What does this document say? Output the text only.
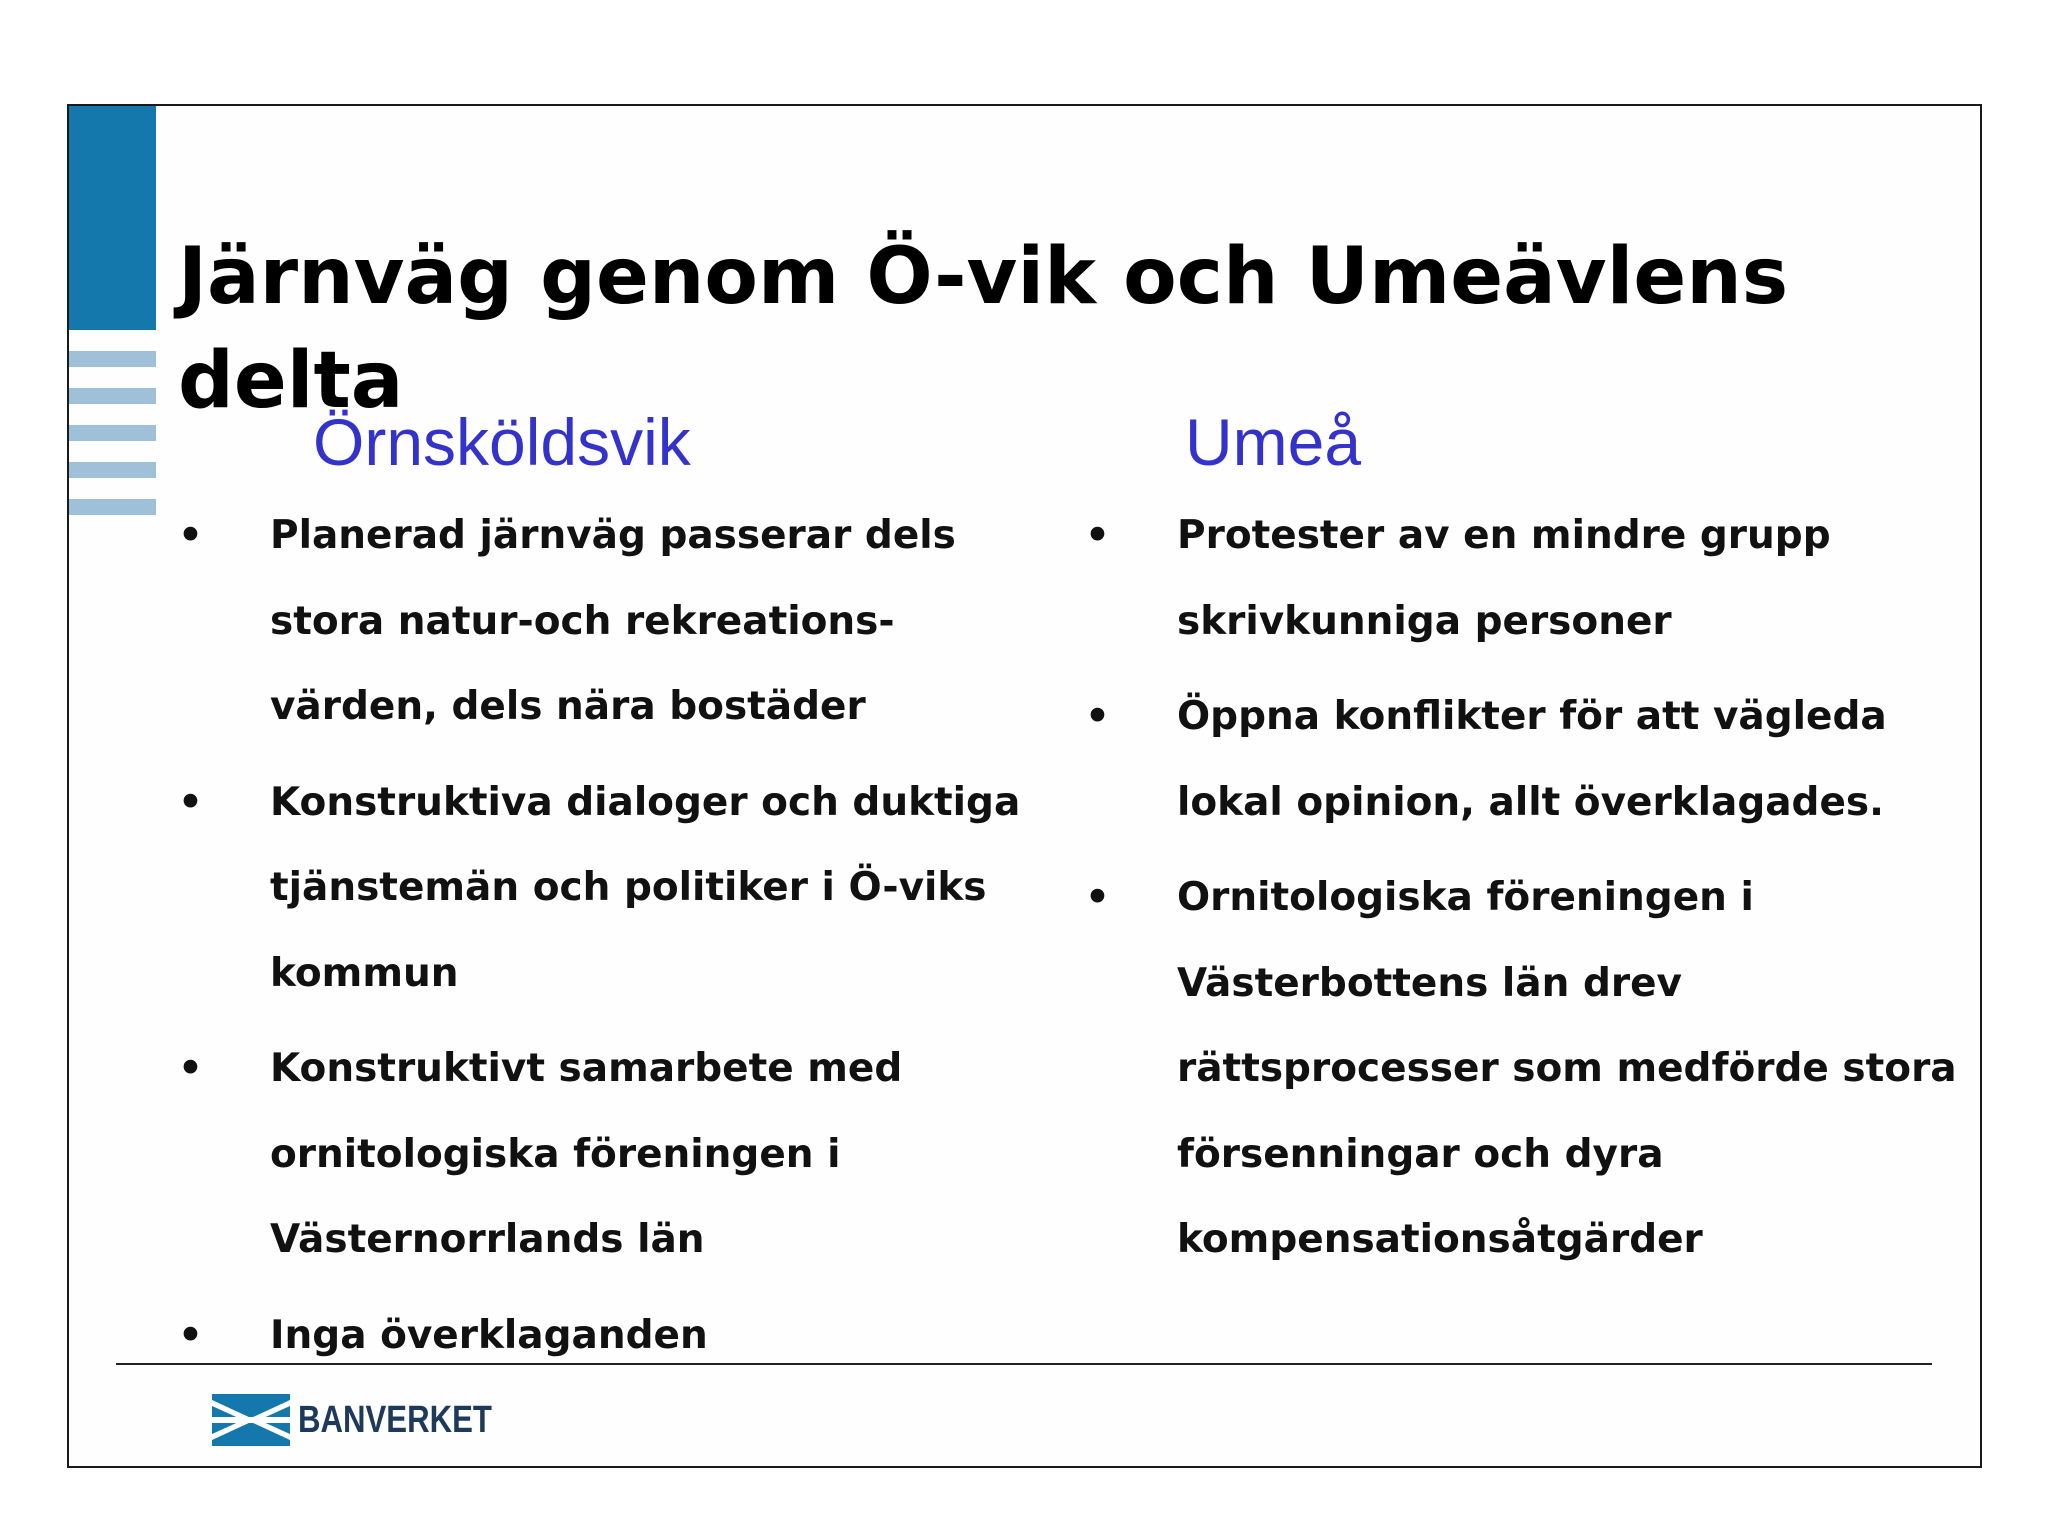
Järnväg genom Ö-vik och Umeävlens delta
Örnsköldsvik	Umeå
•	Planerad järnväg passerar dels stora natur-och rekreations-värden, dels nära bostäder
•	Konstruktiva dialoger och duktiga tjänstemän och politiker i Ö-viks kommun
•	Konstruktivt samarbete med ornitologiska föreningen i Västernorrlands län
•	Inga överklaganden
•	Protester av en mindre grupp skrivkunniga personer
•	Öppna konflikter för att vägleda lokal opinion, allt överklagades.
•	Ornitologiska föreningen i Västerbottens län drev rättsprocesser som medförde stora försenningar och dyra kompensationsåtgärder
BANVERKET
